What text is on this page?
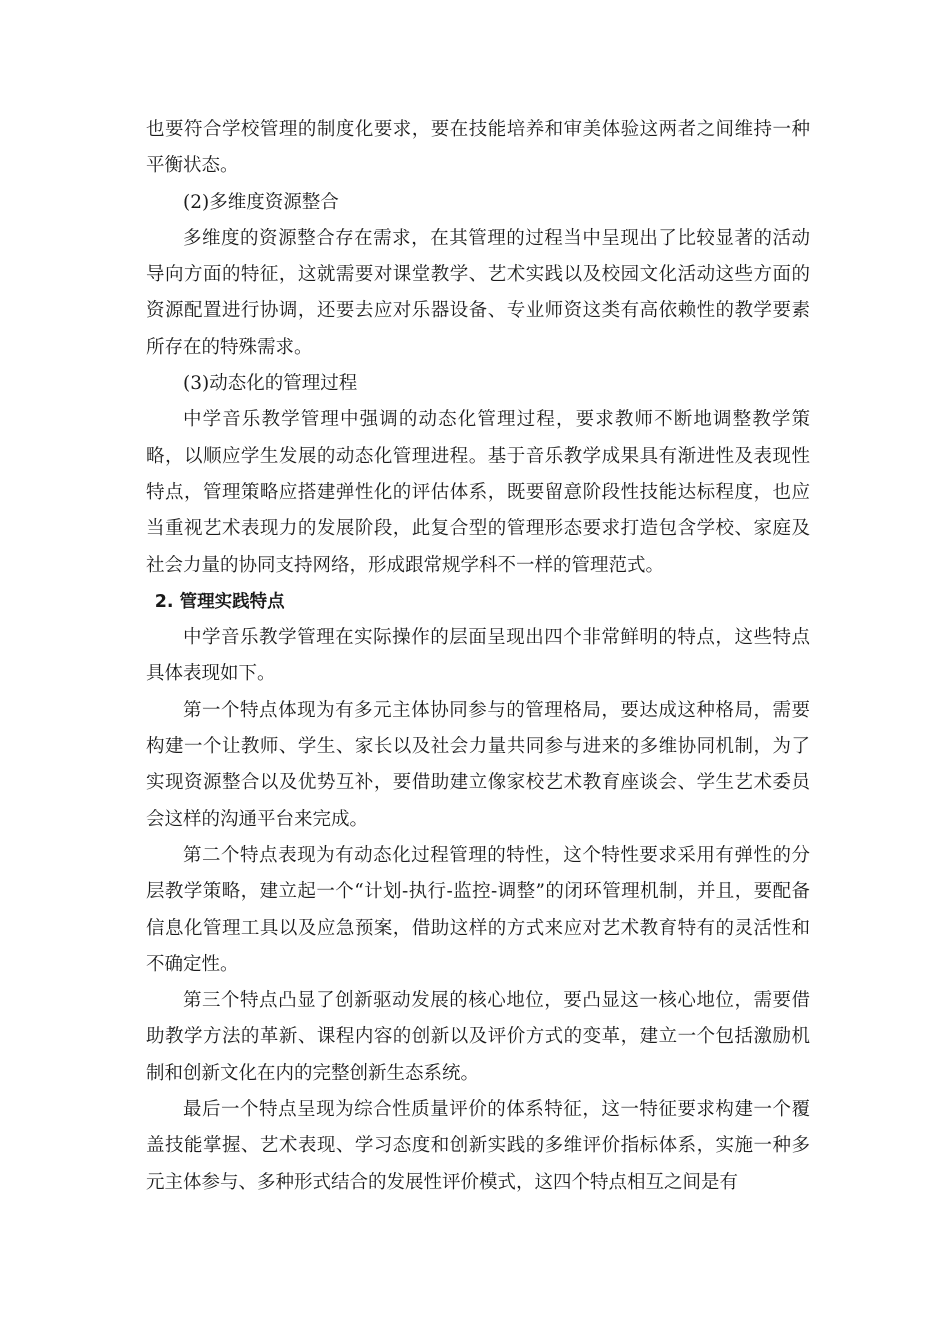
也要符合学校管理的制度化要求，要在技能培养和审美体验这两者之间维持一种平衡状态。

(2)多维度资源整合

多维度的资源整合存在需求，在其管理的过程当中呈现出了比较显著的活动导向方面的特征，这就需要对课堂教学、艺术实践以及校园文化活动这些方面的资源配置进行协调，还要去应对乐器设备、专业师资这类有高依赖性的教学要素所存在的特殊需求。

(3)动态化的管理过程

中学音乐教学管理中强调的动态化管理过程，要求教师不断地调整教学策略，以顺应学生发展的动态化管理进程。基于音乐教学成果具有渐进性及表现性特点，管理策略应搭建弹性化的评估体系，既要留意阶段性技能达标程度，也应当重视艺术表现力的发展阶段，此复合型的管理形态要求打造包含学校、家庭及社会力量的协同支持网络，形成跟常规学科不一样的管理范式。

2. 管理实践特点

中学音乐教学管理在实际操作的层面呈现出四个非常鲜明的特点，这些特点具体表现如下。

第一个特点体现为有多元主体协同参与的管理格局，要达成这种格局，需要构建一个让教师、学生、家长以及社会力量共同参与进来的多维协同机制，为了实现资源整合以及优势互补，要借助建立像家校艺术教育座谈会、学生艺术委员会这样的沟通平台来完成。

第二个特点表现为有动态化过程管理的特性，这个特性要求采用有弹性的分层教学策略，建立起一个“计划-执行-监控-调整”的闭环管理机制，并且，要配备信息化管理工具以及应急预案，借助这样的方式来应对艺术教育特有的灵活性和不确定性。

第三个特点凸显了创新驱动发展的核心地位，要凸显这一核心地位，需要借助教学方法的革新、课程内容的创新以及评价方式的变革，建立一个包括激励机制和创新文化在内的完整创新生态系统。

最后一个特点呈现为综合性质量评价的体系特征，这一特征要求构建一个覆盖技能掌握、艺术表现、学习态度和创新实践的多维评价指标体系，实施一种多元主体参与、多种形式结合的发展性评价模式，这四个特点相互之间是有
